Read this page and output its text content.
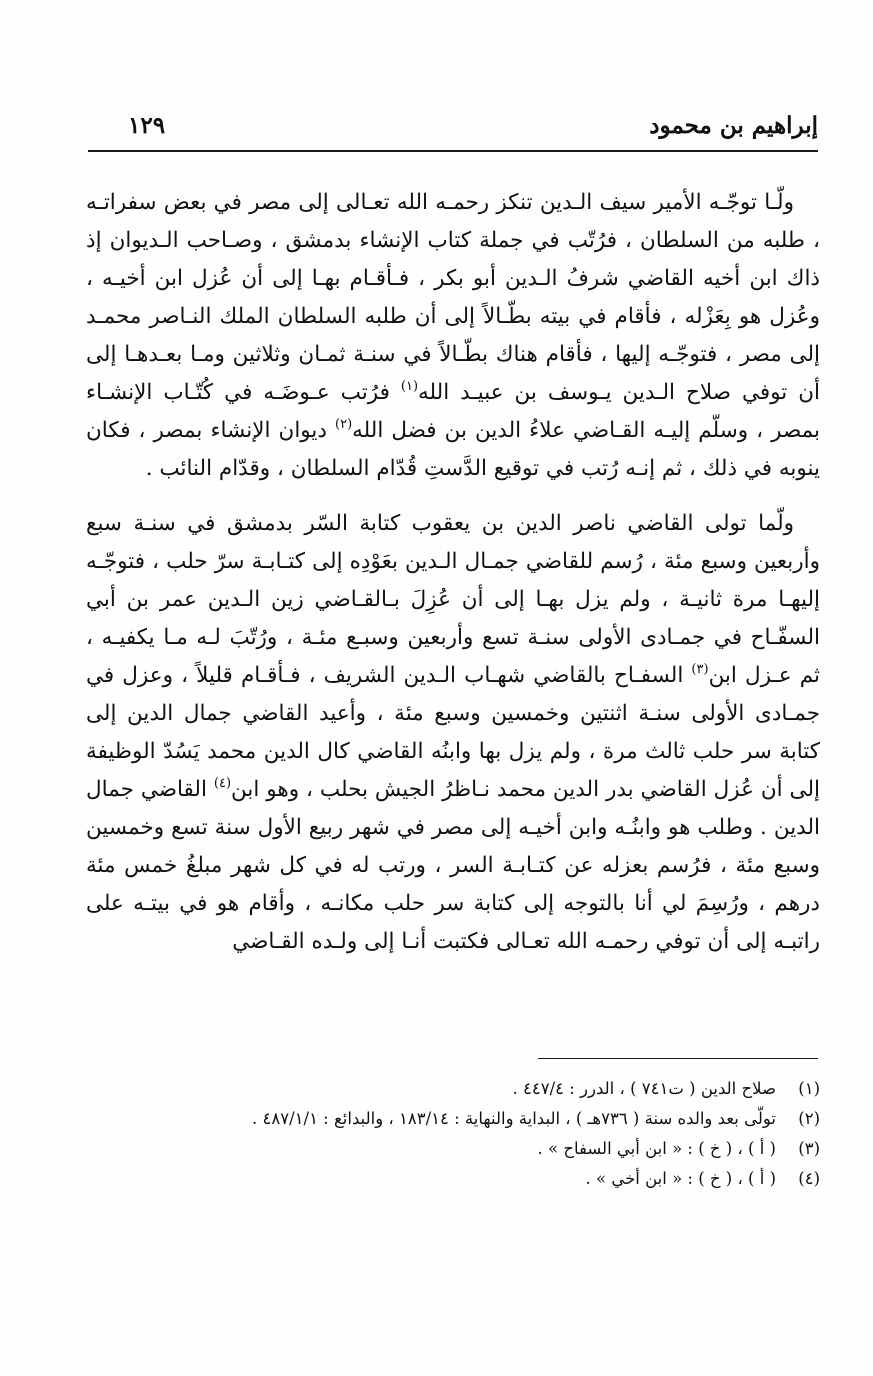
إبراهيم بن محمود
١٢٩

ولّـا توجّـه الأمير سيف الـدين تنكز رحمـه الله تعـالى إلى مصر في بعض سفراتـه ، طلبه من السلطان ، فرُتّب في جملة كتاب الإنشاء بدمشق ، وصـاحب الـديوان إذ ذاك ابن أخيه القاضي شرفُ الـدين أبو بكر ، فـأقـام بهـا إلى أن عُزل ابن أخيـه ، وعُزل هو بِعَزْله ، فأقام في بيته بطّـالاً إلى أن طلبه السلطان الملك النـاصر محمـد إلى مصر ، فتوجّـه إليها ، فأقام هناك بطّـالاً في سنـة ثمـان وثلاثين ومـا بعـدهـا إلى أن توفي صلاح الـدين يـوسف بن عبيـد الله$^{(١)}$ فرُتب عـوضَـه في كُتّـاب الإنشـاء بمصر ، وسلّم إليـه القـاضي علاءُ الدين بن فضل الله$^{(٢)}$ ديوان الإنشاء بمصر ، فكان ينوبه في ذلك ، ثم إنـه رُتب في توقيع الدَّستِ قُدّام السلطان ، وقدّام النائب .

ولّما تولى القاضي ناصر الدين بن يعقوب كتابة السّر بدمشق في سنـة سبع وأربعين وسبع مئة ، رُسم للقاضي جمـال الـدين بعَوْدِه إلى كتـابـة سرّ حلب ، فتوجّـه إليهـا مرة ثانيـة ، ولم يزل بهـا إلى أن عُزِلَ بـالقـاضي زين الـدين عمر بن أبي السفّـاح في جمـادى الأولى سنـة تسع وأربعين وسبـع مئـة ، ورُتّبَ لـه مـا يكفيـه ، ثم عـزل ابن$^{(٣)}$ السفـاح بالقاضي شهـاب الـدين الشريف ، فـأقـام قليلاً ، وعزل في جمـادى الأولى سنـة اثنتين وخمسين وسبع مئة ، وأعيد القاضي جمال الدين إلى كتابة سر حلب ثالث مرة ، ولم يزل بها وابنُه القاضي كال الدين محمد يَسُدّ الوظيفة إلى أن عُزل القاضي بدر الدين محمد نـاظرُ الجيش بحلب ، وهو ابن$^{(٤)}$ القاضي جمال الدين . وطلب هو وابنُـه وابن أخيـه إلى مصر في شهر ربيع الأول سنة تسع وخمسين وسبع مئة ، فرُسم بعزله عن كتـابـة السر ، ورتب له في كل شهر مبلغُ خمس مئة درهم ، ورُسِمَ لي أنا بالتوجه إلى كتابة سر حلب مكانـه ، وأقام هو في بيتـه على راتبـه إلى أن توفي رحمـه الله تعـالى فكتبت أنـا إلى ولـده القـاضي

(١)
صلاح الدين ( ت٧٤١ ) ، الدرر : ٤٤٧/٤ .
(٢)
تولّى بعد والده سنة ( ٧٣٦هـ ) ، البداية والنهاية : ١٨٣/١٤ ، والبدائع : ٤٨٧/١/١ .
(٣)
( أ ) ، ( خ ) : « ابن أبي السفاح » .
(٤)
( أ ) ، ( خ ) : « ابن أخي » .
